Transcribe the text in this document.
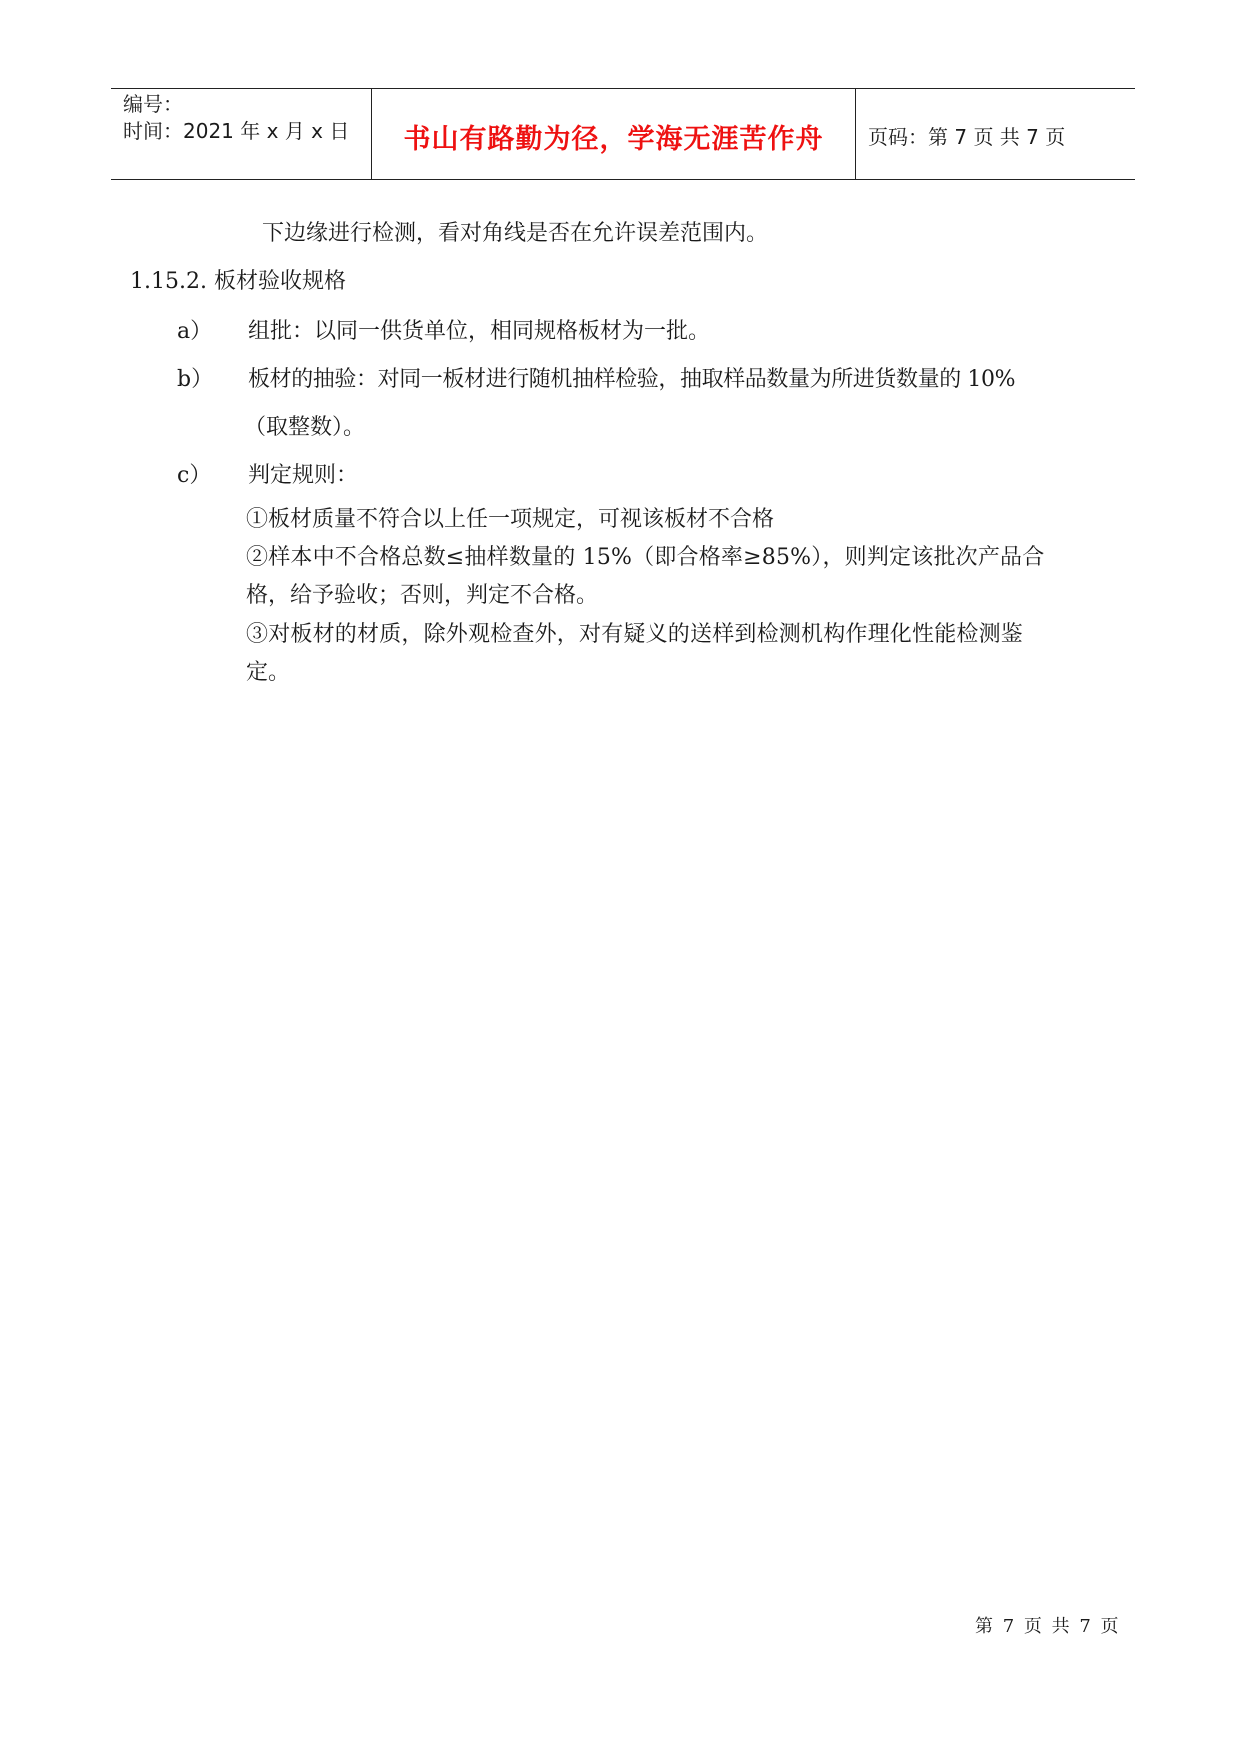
编号：
时间：2021 年 x 月 x 日	书山有路勤为径，学海无涯苦作舟 页码：第 7 页 共 7 页
下边缘进行检测，看对角线是否在允许误差范围内。
1.15.2. 板材验收规格
a） 组批：以同一供货单位，相同规格板材为一批。
b） 板材的抽验：对同一板材进行随机抽样检验，抽取样品数量为所进货数量的 10%
（取整数）。
c） 判定规则：
①板材质量不符合以上任一项规定，可视该板材不合格
②样本中不合格总数≤抽样数量的 15%（即合格率≥85%），则判定该批次产品合
格，给予验收；否则，判定不合格。
③对板材的材质，除外观检查外，对有疑义的送样到检测机构作理化性能检测鉴
定。
第 7 页 共 7 页
